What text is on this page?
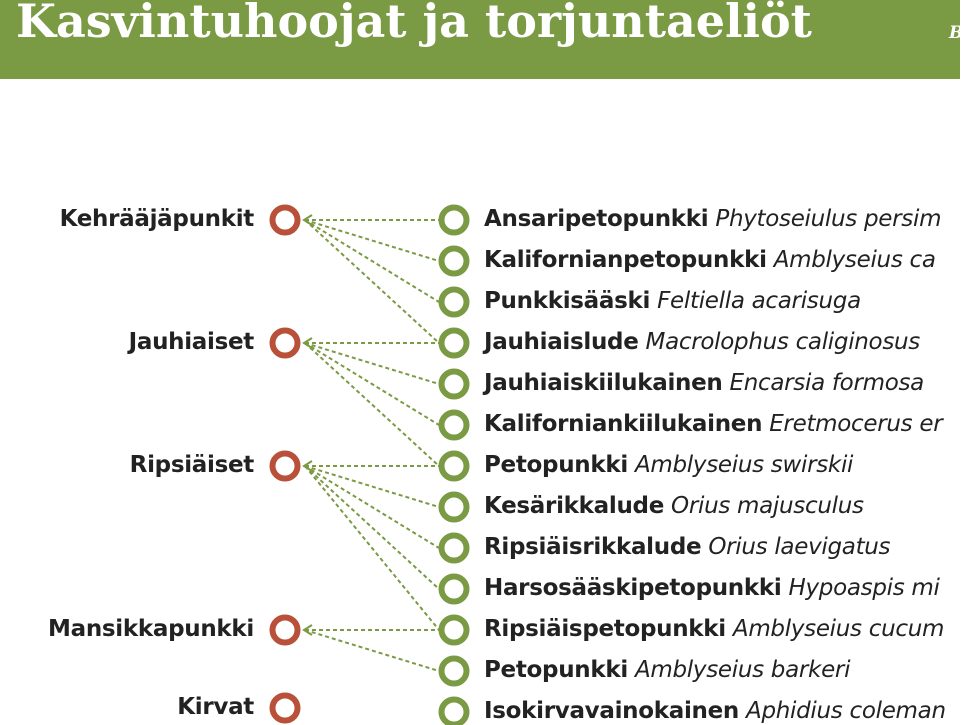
Kasvintuhoojat ja torjuntaeliöt	B
Kehrääjäpunkit
Jauhiaiset
Ripsiäiset
Mansikkapunkki
Kirvat
Ansaripetopunkki Phytoseiulus persim
Kalifornianpetopunkki Amblyseius ca
Punkkisääski Feltiella acarisuga
Jauhiaislude Macrolophus caliginosus
Jauhiaiskiilukainen Encarsia formosa
Kaliforniankiilukainen Eretmocerus er
Petopunkki Amblyseius swirskii
Kesärikkalude Orius majusculus
Ripsiäisrikkalude Orius laevigatus
Harsosääskipetopunkki Hypoaspis mi
Ripsiäispetopunkki Amblyseius cucum
Petopunkki Amblyseius barkeri
Isokirvavainokainen Aphidius coleman
